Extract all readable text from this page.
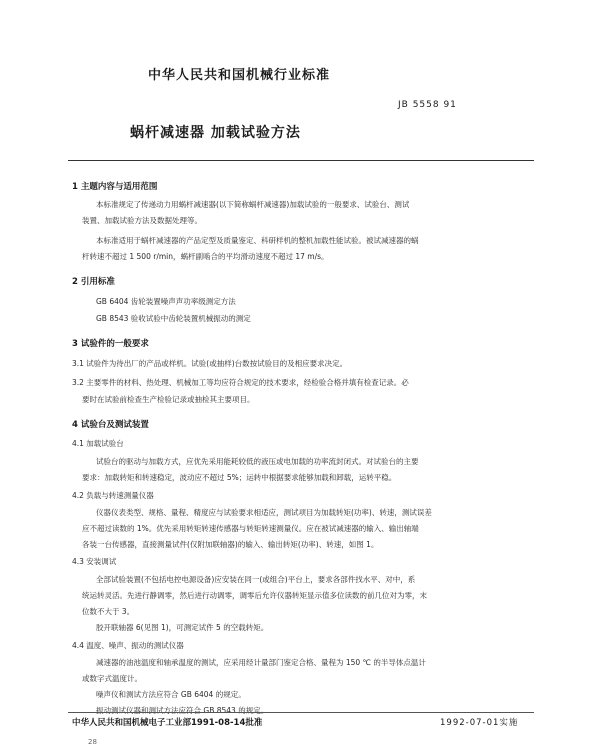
中华人民共和国机械行业标准
JB 5558 91
蜗杆减速器 加载试验方法
1 主题内容与适用范围
本标准规定了传递动力用蜗杆减速器(以下简称蜗杆减速器)加载试验的一般要求、试验台、测试
装置、加载试验方法及数据处理等。
本标准适用于蜗杆减速器的产品定型及质量鉴定、科研样机的整机加载性能试验。被试减速器的蜗
杆转速不超过 1 500 r/min，蜗杆副啮合的平均滑动速度不超过 17 m/s。
2 引用标准
GB 6404 齿轮装置噪声声功率级测定方法
GB 8543 验收试验中齿轮装置机械振动的测定
3 试验件的一般要求
3.1 试验件为待出厂的产品或样机。试验(或抽样)台数按试验目的及相应要求决定。
3.2 主要零件的材料、热处理、机械加工等均应符合规定的技术要求，经检验合格并填有检查记录。必
要时在试验前检查生产检验记录或抽检其主要项目。
4 试验台及测试装置
4.1 加载试验台
试验台的驱动与加载方式，应优先采用能耗较低的液压或电加载的功率流封闭式。对试验台的主要
要求：加载转矩和转速稳定，波动应不超过 5%；运转中根据要求能够加载和卸载，运转平稳。
4.2 负载与转速测量仪器
仪器仪表类型、规格、量程、精度应与试验要求相适应，测试项目为加载转矩(功率)、转速，测试误差
应不超过读数的 1%。优先采用转矩转速传感器与转矩转速测量仪。应在被试减速器的输入、输出轴端
各装一台传感器，直接测量试件(仅附加联轴器)的输入、输出转矩(功率)、转速，如图 1。
4.3 安装调试
全部试验装置(不包括电控电源设备)应安装在同一(或组合)平台上，要求各部件找水平、对中，系
统运转灵活。先进行静调零，然后进行动调零，调零后允许仪器转矩显示值多位读数的前几位对为零，末
位数不大于 3。
胶开联轴器 6(见图 1)，可测定试件 5 的空载转矩。
4.4 温度、噪声、振动的测试仪器
减速器的油池温度和轴承温度的测试，应采用经计量部门鉴定合格、量程为 150 ℃ 的半导体点温计
或数字式温度计。
噪声仪和测试方法应符合 GB 6404 的规定。
振动测试仪器和测试方法应符合 GB 8543 的规定。
中华人民共和国机械电子工业部1991-08-14批准	1992-07-01实施
28
